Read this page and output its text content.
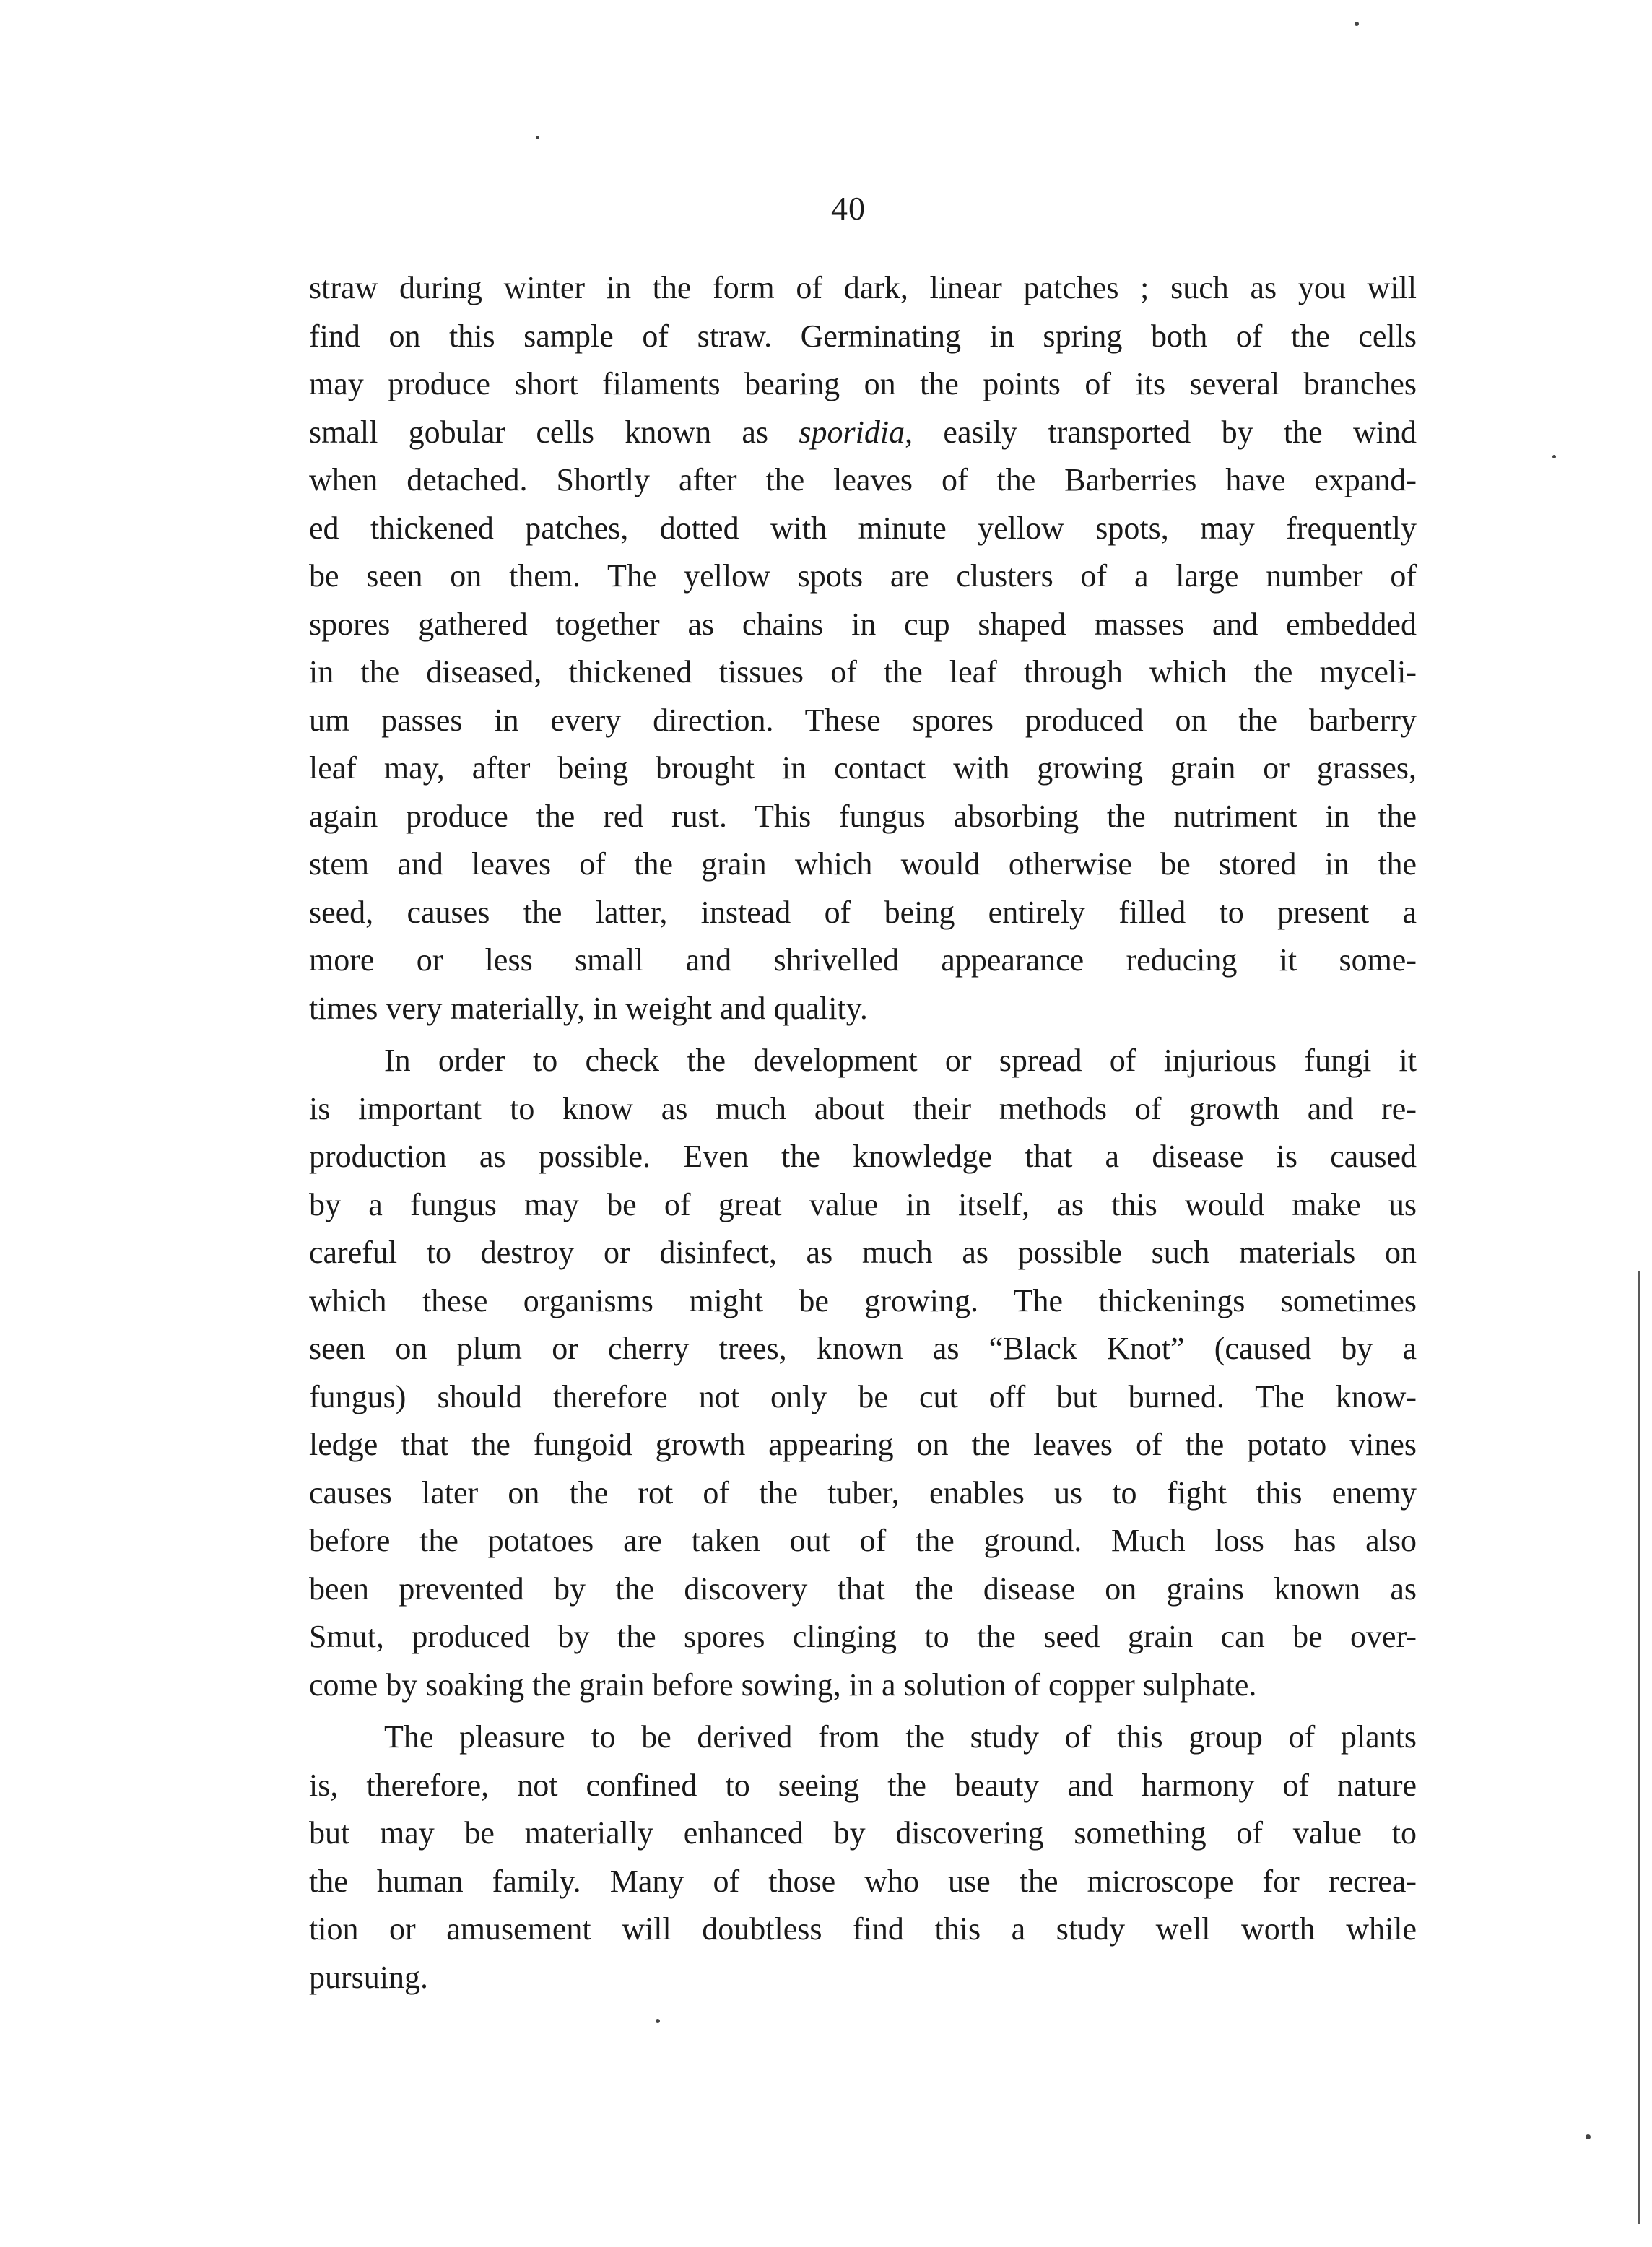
40

straw during winter in the form of dark, linear patches ; such as you will
find on this sample of straw. Germinating in spring both of the cells
may produce short filaments bearing on the points of its several branches
small gobular cells known as sporidia, easily transported by the wind
when detached. Shortly after the leaves of the Barberries have expand-
ed thickened patches, dotted with minute yellow spots, may frequently
be seen on them. The yellow spots are clusters of a large number of
spores gathered together as chains in cup shaped masses and embedded
in the diseased, thickened tissues of the leaf through which the myceli-
um passes in every direction. These spores produced on the barberry
leaf may, after being brought in contact with growing grain or grasses,
again produce the red rust. This fungus absorbing the nutriment in the
stem and leaves of the grain which would otherwise be stored in the
seed, causes the latter, instead of being entirely filled to present a
more or less small and shrivelled appearance reducing it some-
times very materially, in weight and quality.

In order to check the development or spread of injurious fungi it
is important to know as much about their methods of growth and re-
production as possible. Even the knowledge that a disease is caused
by a fungus may be of great value in itself, as this would make us
careful to destroy or disinfect, as much as possible such materials on
which these organisms might be growing. The thickenings sometimes
seen on plum or cherry trees, known as “Black Knot” (caused by a
fungus) should therefore not only be cut off but burned. The know-
ledge that the fungoid growth appearing on the leaves of the potato vines
causes later on the rot of the tuber, enables us to fight this enemy
before the potatoes are taken out of the ground. Much loss has also
been prevented by the discovery that the disease on grains known as
Smut, produced by the spores clinging to the seed grain can be over-
come by soaking the grain before sowing, in a solution of copper sulphate.

The pleasure to be derived from the study of this group of plants
is, therefore, not confined to seeing the beauty and harmony of nature
but may be materially enhanced by discovering something of value to
the human family. Many of those who use the microscope for recrea-
tion or amusement will doubtless find this a study well worth while
pursuing.
